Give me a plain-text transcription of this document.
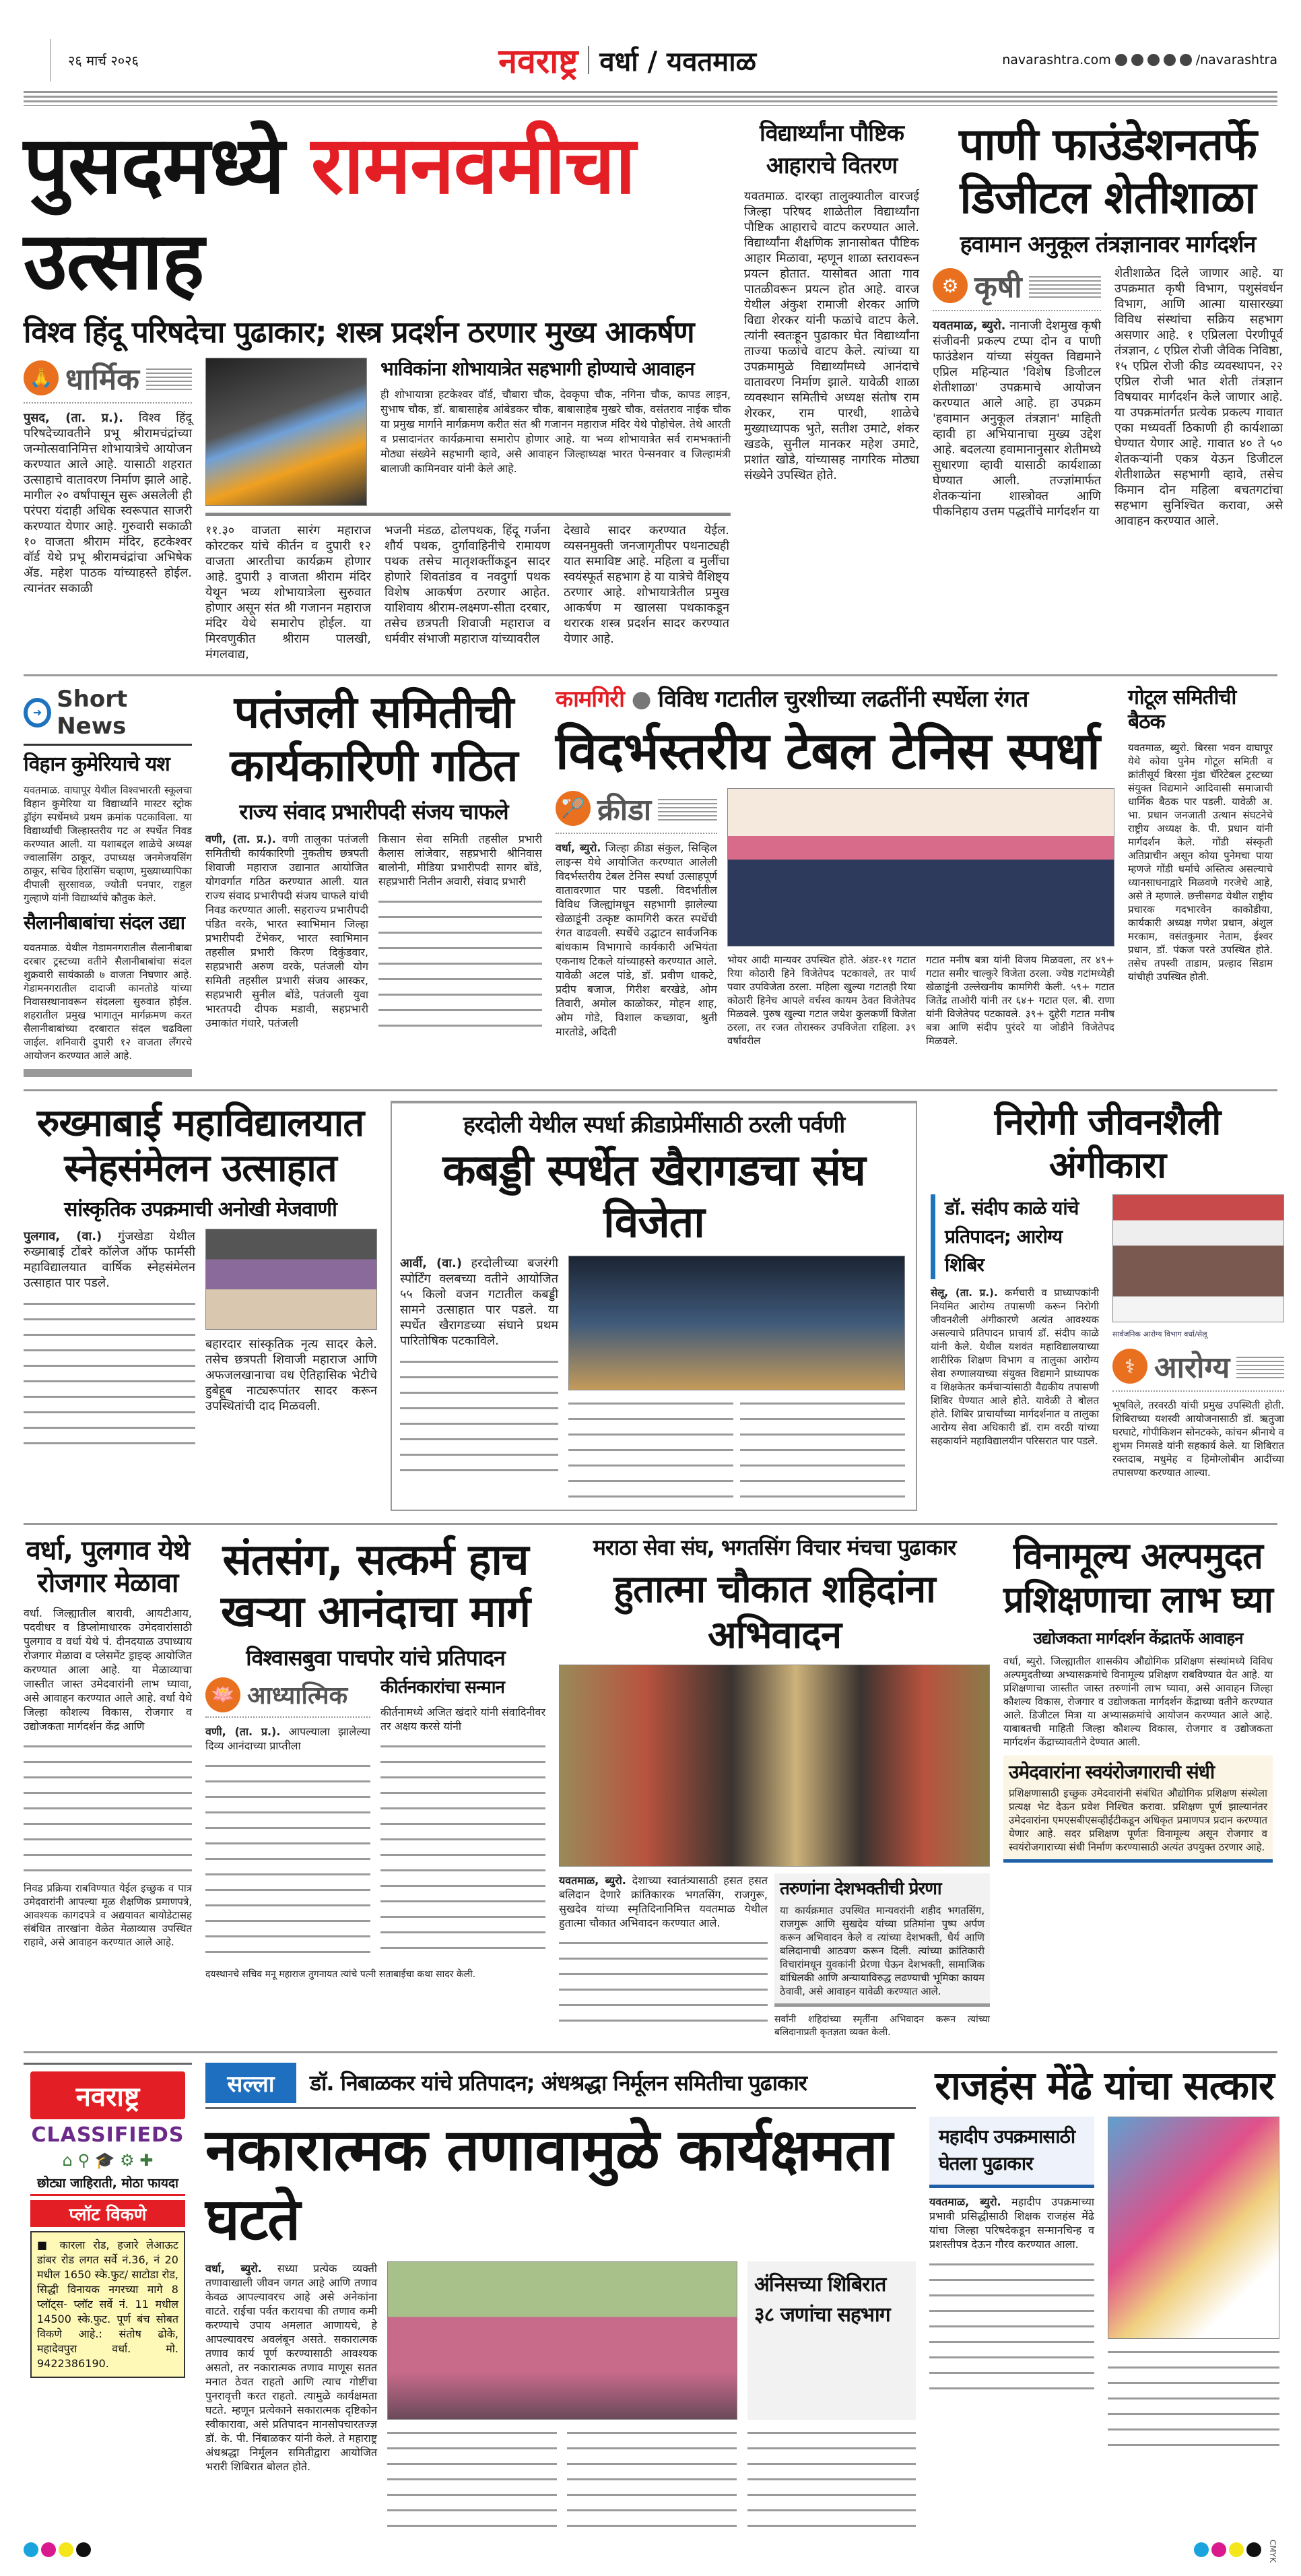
२६ मार्च २०२६	नवराष्ट्र वर्धा / यवतमाळ	navarashtra.com	/navarashtra
पुसदमध्ये रामनवमीचा उत्साह
विश्व हिंदू परिषदेचा पुढाकार; शस्त्र प्रदर्शन ठरणार मुख्य आकर्षण
🙏 धार्मिक
पुसद, (ता. प्र.). विश्व हिंदू परिषदेच्यावतीने प्रभू श्रीरामचंद्रांच्या जन्मोत्सवानिमित्त शोभायात्रेचे आयोजन करण्यात आले आहे. यासाठी शहरात उत्साहाचे वातावरण निर्माण झाले आहे. मागील २० वर्षांपासून सुरू असलेली ही परंपरा यंदाही अधिक स्वरूपात साजरी करण्यात येणार आहे. गुरुवारी सकाळी १० वाजता श्रीराम मंदिर, हटकेश्वर वॉर्ड येथे प्रभू श्रीरामचंद्रांचा अभिषेक ॲड. महेश पाठक यांच्याहस्ते होईल. त्यानंतर सकाळी
भाविकांना शोभायात्रेत सहभागी होण्याचे आवाहन
ही शोभायात्रा हटकेश्वर वॉर्ड, चौबारा चौक, देवकृपा चौक, नगिना चौक, कापड लाइन, सुभाष चौक, डॉ. बाबासाहेब आंबेडकर चौक, बाबासाहेब मुखरे चौक, वसंतराव नाईक चौक या प्रमुख मार्गाने मार्गक्रमण करीत संत श्री गजानन महाराज मंदिर येथे पोहोचेल. तेथे आरती व प्रसादानंतर कार्यक्रमाचा समारोप होणार आहे. या भव्य शोभायात्रेत सर्व रामभक्तांनी मोठ्या संख्येने सहभागी व्हावे, असे आवाहन जिल्हाध्यक्ष भारत पेन्सनवार व जिल्हामंत्री बालाजी कामिनवार यांनी केले आहे.
११.३० वाजता सारंग महाराज कोरटकर यांचे कीर्तन व दुपारी १२ वाजता आरतीचा कार्यक्रम होणार आहे. दुपारी ३ वाजता श्रीराम मंदिर येथून भव्य शोभायात्रेला सुरुवात होणार असून संत श्री गजानन महाराज मंदिर येथे समारोप होईल. या मिरवणुकीत श्रीराम पालखी, मंगलवाद्य,
भजनी मंडळ, ढोलपथक, हिंदू गर्जना शौर्य पथक, दुर्गावाहिनीचे रामायण पथक तसेच मातृशक्तींकडून सादर होणारे शिवतांडव व नवदुर्गा पथक विशेष आकर्षण ठरणार आहेत. याशिवाय श्रीराम-लक्ष्मण-सीता दरबार, तसेच छत्रपती शिवाजी महाराज व धर्मवीर संभाजी महाराज यांच्यावरील
देखावे सादर करण्यात येईल. व्यसनमुक्ती जनजागृतीपर पथनाट्यही यात समाविष्ट आहे. महिला व मुलींचा स्वयंस्फूर्त सहभाग हे या यात्रेचे वैशिष्ट्य ठरणार आहे. शोभायात्रेतील प्रमुख आकर्षण म खालसा पथकाकडून थरारक शस्त्र प्रदर्शन सादर करण्यात येणार आहे.
विद्यार्थ्यांना पौष्टिक आहाराचे वितरण
यवतमाळ. दारव्हा तालुक्यातील वारजई जिल्हा परिषद शाळेतील विद्यार्थ्यांना पौष्टिक आहाराचे वाटप करण्यात आले. विद्यार्थ्यांना शैक्षणिक ज्ञानासोबत पौष्टिक आहार मिळावा, म्हणून शाळा स्तरावरून प्रयत्न होतात. यासोबत आता गाव पातळीवरून प्रयत्न होत आहे. वारज येथील अंकुश रामाजी शेरकर आणि विद्या शेरकर यांनी फळांचे वाटप केले. त्यांनी स्वतःहून पुढाकार घेत विद्यार्थ्यांना ताज्या फळांचे वाटप केले. त्यांच्या या उपक्रमामुळे विद्यार्थ्यांमध्ये आनंदाचे वातावरण निर्माण झाले. यावेळी शाळा व्यवस्थान समितीचे अध्यक्ष संतोष राम शेरकर, राम पारधी, शाळेचे मुख्याध्यापक भुते, सतीश उमाटे, शंकर खडके, सुनील मानकर महेश उमाटे, प्रशांत खोडे, यांच्यासह नागरिक मोठ्या संख्येने उपस्थित होते.
पाणी फाउंडेशनतर्फे
डिजीटल शेतीशाळा
हवामान अनुकूल तंत्रज्ञानावर मार्गदर्शन
⚙ कृषी
यवतमाळ, ब्युरो. नानाजी देशमुख कृषी संजीवनी प्रकल्प टप्पा दोन व पाणी फाउंडेशन यांच्या संयुक्त विद्यमाने एप्रिल महिन्यात 'विशेष डिजीटल शेतीशाळा' उपक्रमाचे आयोजन करण्यात आले आहे. हा उपक्रम 'हवामान अनुकूल तंत्रज्ञान' माहिती व्हावी हा अभियानाचा मुख्य उद्देश आहे. बदलत्या हवामानानुसार शेतीमध्ये सुधारणा व्हावी यासाठी कार्यशाळा घेण्यात आली. तज्ज्ञांमार्फत शेतकऱ्यांना शास्त्रोक्त आणि पीकनिहाय उत्तम पद्धतींचे मार्गदर्शन या
शेतीशाळेत दिले जाणार आहे. या उपक्रमात कृषी विभाग, पशुसंवर्धन विभाग, आणि आत्मा यासारख्या विविध संस्थांचा सक्रिय सहभाग असणार आहे. १ एप्रिलला पेरणीपूर्व तंत्रज्ञान, ८ एप्रिल रोजी जैविक निविष्ठा, १५ एप्रिल रोजी कीड व्यवस्थापन, २२ एप्रिल रोजी भात शेती तंत्रज्ञान विषयावर मार्गदर्शन केले जाणार आहे. या उपक्रमांतर्गत प्रत्येक प्रकल्प गावात एका मध्यवर्ती ठिकाणी ही कार्यशाळा घेण्यात येणार आहे. गावात ४० ते ५० शेतकऱ्यांनी एकत्र येऊन डिजीटल शेतीशाळेत सहभागी व्हावे, तसेच किमान दोन महिला बचतगटांचा सहभाग सुनिश्चित करावा, असे आवाहन करण्यात आले.
➜ Short News
विहान कुमेरियाचे यश
यवतमाळ. वाघापूर येथील विश्वभारती स्कूलचा विहान कुमेरिया या विद्यार्थ्याने मास्टर स्ट्रोक ड्रॉइंग स्पर्धेमध्ये प्रथम क्रमांक पटकाविला. या विद्यार्थ्याची जिल्हास्तरीय गट अ स्पर्धेत निवड करण्यात आली. या यशाबद्दल शाळेचे अध्यक्ष ज्वालासिंग ठाकूर, उपाध्यक्ष जनमेजयसिंग ठाकूर, सचिव हिरासिंग चव्हाण, मुख्याध्यापिका दीपाली सुरसावळ, ज्योती पनपार, राहुल गुल्हाणे यांनी विद्यार्थ्याचे कौतुक केले.
सैलानीबाबांचा संदल उद्या
यवतमाळ. येथील गेडामनगरातील सैलानीबाबा दरबार ट्रस्टच्या वतीने सैलानीबाबांचा संदल शुक्रवारी सायंकाळी ७ वाजता निघणार आहे. गेडामनगरातील दादाजी कानतोडे यांच्या निवासस्थानावरून संदलला सुरुवात होईल. शहरातील प्रमुख भागातून मार्गक्रमण करत सैलानीबाबांच्या दरबारात संदल चढविला जाईल. शनिवारी दुपारी १२ वाजता लँगरचे आयोजन करण्यात आले आहे.
पतंजली समितीची कार्यकारिणी गठित
राज्य संवाद प्रभारीपदी संजय चाफले
वणी, (ता. प्र.). वणी तालुका पतंजली समितीची कार्यकारिणी नुकतीच छत्रपती शिवाजी महाराज उद्यानात आयोजित योगवर्गात गठित करण्यात आली. यात राज्य संवाद प्रभारीपदी संजय चाफले यांची निवड करण्यात आली. सहराज्य प्रभारीपदी पंडित वरके, भारत स्वाभिमान जिल्हा प्रभारीपदी टेंभेकर, भारत स्वाभिमान तहसील प्रभारी किरण दिकुंडवार, सहप्रभारी अरुण वरके, पतंजली योग समिती तहसील प्रभारी संजय आस्कर, सहप्रभारी सुनील बोंडे, पतंजली युवा भारतपदी दीपक मडावी, सहप्रभारी उमाकांत गंधारे, पतंजली
किसान सेवा समिती तहसील प्रभारी कैलास लांजेवार, सहप्रभारी श्रीनिवास बालोनी, मीडिया प्रभारीपदी सागर बोंडे, सहप्रभारी नितीन अवारी, संवाद प्रभारी
कामगिरी ● विविध गटातील चुरशीच्या लढतींनी स्पर्धेला रंगत
विदर्भस्तरीय टेबल टेनिस स्पर्धा
🏸 क्रीडा
वर्धा, ब्युरो. जिल्हा क्रीडा संकुल, सिव्हिल लाइन्स येथे आयोजित करण्यात आलेली विदर्भस्तरीय टेबल टेनिस स्पर्धा उत्साहपूर्ण वातावरणात पार पडली. विदर्भातील विविध जिल्ह्यांमधून सहभागी झालेल्या खेळाडूंनी उत्कृष्ट कामगिरी करत स्पर्धेची रंगत वाढवली. स्पर्धेचे उद्घाटन सार्वजनिक बांधकाम विभागाचे कार्यकारी अभियंता एकनाथ टिकले यांच्याहस्ते करण्यात आले. यावेळी अटल पांडे, डॉ. प्रवीण धाकटे, प्रदीप बजाज, गिरीश बरखेडे, ओम तिवारी, अमोल काळोकर, मोहन शाह, ओम गोडे, विशाल कच्छावा, श्रुती मारतोडे, अदिती
भोयर आदी मान्यवर उपस्थित होते. अंडर-११ गटात रिया कोठारी हिने विजेतेपद पटकावले, तर पार्थ पवार उपविजेता ठरला. महिला खुल्या गटातही रिया कोठारी हिनेच आपले वर्चस्व कायम ठेवत विजेतेपद मिळवले. पुरुष खुल्या गटात जयेश कुलकर्णी विजेता ठरला, तर रजत तोरास्कर उपविजेता राहिला. ३९ वर्षांवरील
गटात मनीष बत्रा यांनी विजय मिळवला, तर ४९+ गटात समीर चाल्कुरे विजेता ठरला. ज्येष्ठ गटांमध्येही खेळाडूंनी उल्लेखनीय कामगिरी केली. ५९+ गटात जितेंद्र ताओरी यांनी तर ६४+ गटात एल. बी. राणा यांनी विजेतेपद पटकावले. ३९+ दुहेरी गटात मनीष बत्रा आणि संदीप पुरंदरे या जोडीने विजेतेपद मिळवले.
गोटूल समितीची बैठक
यवतमाळ, ब्युरो. बिरसा भवन वाघापूर येथे कोया पुनेम गोटूल समिती व क्रांतीसूर्य बिरसा मुंडा चॅरिटेबल ट्रस्टच्या संयुक्त विद्यमाने आदिवासी समाजाची धार्मिक बैठक पार पडली. यावेळी अ. भा. प्रधान जनजाती उत्थान संघटनेचे राष्ट्रीय अध्यक्ष के. पी. प्रधान यांनी मार्गदर्शन केले. गोंडी संस्कृती अतिप्राचीन असून कोया पुनेमचा पाया म्हणजे गोंडी धर्माचे अस्तित्व असल्याचे ध्यानसाधनाद्वारे मिळवणे गरजेचे आहे, असे ते म्हणाले. छत्तीसगढ येथील राष्ट्रीय प्रचारक गदभारवेन काकोडीया, कार्यकारी अध्यक्ष गणेश प्रधान, अंशुल मरकाम, वसंतकुमार नेताम, ईश्वर प्रधान, डॉ. पंकज परते उपस्थित होते. तसेच तपस्वी ताडाम, प्रल्हाद सिडाम यांचीही उपस्थित होती.
रुख्माबाई महाविद्यालयात स्नेहसंमेलन उत्साहात
सांस्कृतिक उपक्रमाची अनोखी मेजवाणी
पुलगाव, (वा.) गुंजखेडा येथील रुख्माबाई टोंबरे कॉलेज ऑफ फार्मसी महाविद्यालयात वार्षिक स्नेहसंमेलन उत्साहात पार पडले.
बहारदार सांस्कृतिक नृत्य सादर केले. तसेच छत्रपती शिवाजी महाराज आणि अफजलखानाचा वध ऐतिहासिक भेटीचे हुबेहूब नाट्यरूपांतर सादर करून उपस्थितांची दाद मिळवली.
हरदोली येथील स्पर्धा क्रीडाप्रेमींसाठी ठरली पर्वणी
कबड्डी स्पर्धेत खैरागडचा संघ विजेता
आर्वी, (वा.) हरदोलीच्या बजरंगी स्पोर्टिंग क्लबच्या वतीने आयोजित ५५ किलो वजन गटातील कबड्डी सामने उत्साहात पार पडले. या स्पर्धेत खैरागडच्या संघाने प्रथम पारितोषिक पटकाविले.
निरोगी जीवनशैली अंगीकारा
डॉ. संदीप काळे यांचे प्रतिपादन; आरोग्य शिबिर
सेलू, (ता. प्र.). कर्मचारी व प्राध्यापकांनी नियमित आरोग्य तपासणी करून निरोगी जीवनशैली अंगीकारणे अत्यंत आवश्यक असल्याचे प्रतिपादन प्राचार्य डॉ. संदीप काळे यांनी केले. येथील यशवंत महाविद्यालयाच्या शारीरिक शिक्षण विभाग व तालुका आरोग्य सेवा रुग्णालयाच्या संयुक्त विद्यमाने प्राध्यापक व शिक्षकेतर कर्मचाऱ्यांसाठी वैद्यकीय तपासणी शिबिर घेण्यात आले होते. यावेळी ते बोलत होते. शिबिर प्राचार्यांच्या मार्गदर्शनात व तालुका आरोग्य सेवा अधिकारी डॉ. राम वरठी यांच्या सहकार्याने महाविद्यालयीन परिसरात पार पडले.
सार्वजनिक आरोग्य विभाग वर्धा/सेलू
⚕ आरोग्य
भूषविले, तरवरठी यांची प्रमुख उपस्थिती होती. शिबिराच्या यशस्वी आयोजनासाठी डॉ. ऋतुजा घरघाटे, गोपीकिशन सोनटक्के, कांचन श्रीनाथे व शुभम निमसडे यांनी सहकार्य केले. या शिबिरात रक्तदाब, मधुमेह व हिमोग्लोबीन आदींच्या तपासण्या करण्यात आल्या.
वर्धा, पुलगाव येथे रोजगार मेळावा
वर्धा. जिल्ह्यातील बारावी, आयटीआय, पदवीधर व डिप्लोमाधारक उमेदवारांसाठी पुलगाव व वर्धा येथे पं. दीनदयाळ उपाध्याय रोजगार मेळावा व प्लेसमेंट ड्राइव्ह आयोजित करण्यात आला आहे. या मेळाव्याचा जास्तीत जास्त उमेदवारांनी लाभ घ्यावा, असे आवाहन करण्यात आले आहे. वर्धा येथे जिल्हा कौशल्य विकास, रोजगार व उद्योजकता मार्गदर्शन केंद्र आणि
निवड प्रक्रिया राबविण्यात येईल इच्छुक व पात्र उमेदवारांनी आपल्या मूळ शैक्षणिक प्रमाणपत्रे, आवश्यक कागदपत्रे व अद्ययावत बायोडेटासह संबंधित तारखांना वेळेत मेळाव्यास उपस्थित राहावे, असे आवाहन करण्यात आले आहे.
संतसंग, सत्कर्म हाच खऱ्या आनंदाचा मार्ग
विश्वासबुवा पाचपोर यांचे प्रतिपादन
🪷 आध्यात्मिक
वणी, (ता. प्र.). आपल्याला झालेल्या दिव्य आनंदाच्या प्राप्तीला
कीर्तनकारांचा सन्मान
कीर्तनामध्ये अजित खंदारे यांनी संवादिनीवर तर अक्षय करसे यांनी
दयस्थानचे सचिव मनू महाराज तुगनायत त्यांचे पत्नी सताबाईचा कथा सादर केली.
मराठा सेवा संघ, भगतसिंग विचार मंचचा पुढाकार
हुतात्मा चौकात शहिदांना अभिवादन
यवतमाळ, ब्युरो. देशाच्या स्वातंत्र्यासाठी हसत हसत बलिदान देणारे क्रांतिकारक भगतसिंग, राजगुरू, सुखदेव यांच्या स्मृतिदिनानिमित्त यवतमाळ येथील हुतात्मा चौकात अभिवादन करण्यात आले.
तरुणांना देशभक्तीची प्रेरणा
या कार्यक्रमात उपस्थित मान्यवरांनी शहीद भगतसिंग, राजगुरू आणि सुखदेव यांच्या प्रतिमांना पुष्प अर्पण करून अभिवादन केले व त्यांच्या देशभक्ती, धैर्य आणि बलिदानाची आठवण करून दिली. त्यांच्या क्रांतिकारी विचारांमधून युवकांनी प्रेरणा घेऊन देशभक्ती, सामाजिक बांधिलकी आणि अन्यायाविरुद्ध लढण्याची भूमिका कायम ठेवावी, असे आवाहन यावेळी करण्यात आले.
सर्वांनी शहिदांच्या स्मृतींना अभिवादन करून त्यांच्या बलिदानाप्रती कृतज्ञता व्यक्त केली.
विनामूल्य अल्पमुदत प्रशिक्षणाचा लाभ घ्या
उद्योजकता मार्गदर्शन केंद्रातर्फे आवाहन
वर्धा, ब्युरो. जिल्ह्यातील शासकीय औद्योगिक प्रशिक्षण संस्थांमध्ये विविध अल्पमुदतीच्या अभ्यासक्रमांचे विनामूल्य प्रशिक्षण राबविण्यात येत आहे. या प्रशिक्षणाचा जास्तीत जास्त तरुणांनी लाभ घ्यावा, असे आवाहन जिल्हा कौशल्य विकास, रोजगार व उद्योजकता मार्गदर्शन केंद्राच्या वतीने करण्यात आले. डिजीटल मित्रा या अभ्यासक्रमांचे आयोजन करण्यात आले आहे. याबाबतची माहिती जिल्हा कौशल्य विकास, रोजगार व उद्योजकता मार्गदर्शन केंद्राच्यावतीने देण्यात आली.
उमेदवारांना स्वयंरोजगाराची संधी
प्रशिक्षणासाठी इच्छुक उमेदवारांनी संबंधित औद्योगिक प्रशिक्षण संस्थेला प्रत्यक्ष भेट देऊन प्रवेश निश्चित करावा. प्रशिक्षण पूर्ण झाल्यानंतर उमेदवारांना एमएसबीएसव्हीईटीकडून अधिकृत प्रमाणपत्र प्रदान करण्यात येणार आहे. सदर प्रशिक्षण पूर्णतः विनामूल्य असून रोजगार व स्वयंरोजगाराच्या संधी निर्माण करण्यासाठी अत्यंत उपयुक्त ठरणार आहे.
नवराष्ट्र
CLASSIFIEDS
⌂ ⚲ 🎓 ⚙ ✚
छोट्या जाहिराती, मोठा फायदा
प्लॉट विकणे
■ कारला रोड, हजारे लेआऊट डांबर रोड लगत सर्वे नं.36, नं 20 मधील 1650 स्के.फुट/ साटोडा रोड, सिद्धी विनायक नगरच्या मागे 8 प्लॉट्स- प्लॉट सर्वे नं. 11 मधील 14500 स्के.फुट. पूर्ण बंच सोबत विकणे आहे.: संतोष ढोके, महादेवपुरा वर्धा. मो. 9422386190.
सल्ला	डॉ. निबाळकर यांचे प्रतिपादन; अंधश्रद्धा निर्मूलन समितीचा पुढाकार
नकारात्मक तणावामुळे कार्यक्षमता घटते
वर्धा, ब्युरो. सध्या प्रत्येक व्यक्ती तणावाखाली जीवन जगत आहे आणि तणाव केवळ आपल्यावरच आहे असे अनेकांना वाटते. राईचा पर्वत करायचा की तणाव कमी करण्याचे उपाय अमलात आणायचे, हे आपल्यावरच अवलंबून असते. सकारात्मक तणाव कार्य पूर्ण करण्यासाठी आवश्यक असतो, तर नकारात्मक तणाव माणूस सतत मनात ठेवत राहतो आणि त्याच गोष्टींचा पुनरावृत्ती करत राहतो. त्यामुळे कार्यक्षमता घटते. म्हणून प्रत्येकाने सकारात्मक दृष्टिकोन स्वीकारावा, असे प्रतिपादन मानसोपचारतज्ज्ञ डॉ. के. पी. निंबाळकर यांनी केले. ते महाराष्ट्र अंधश्रद्धा निर्मूलन समितीद्वारा आयोजित भरारी शिबिरात बोलत होते.
अंनिसच्या शिबिरात ३८ जणांचा सहभाग
राजहंस मेंढे यांचा सत्कार
महादीप उपक्रमासाठी घेतला पुढाकार
यवतमाळ, ब्युरो. महादीप उपक्रमाच्या प्रभावी प्रसिद्धीसाठी शिक्षक राजहंस मेंढे यांचा जिल्हा परिषदेकडून सन्मानचिन्ह व प्रशस्तीपत्र देऊन गौरव करण्यात आला.
CMYK
